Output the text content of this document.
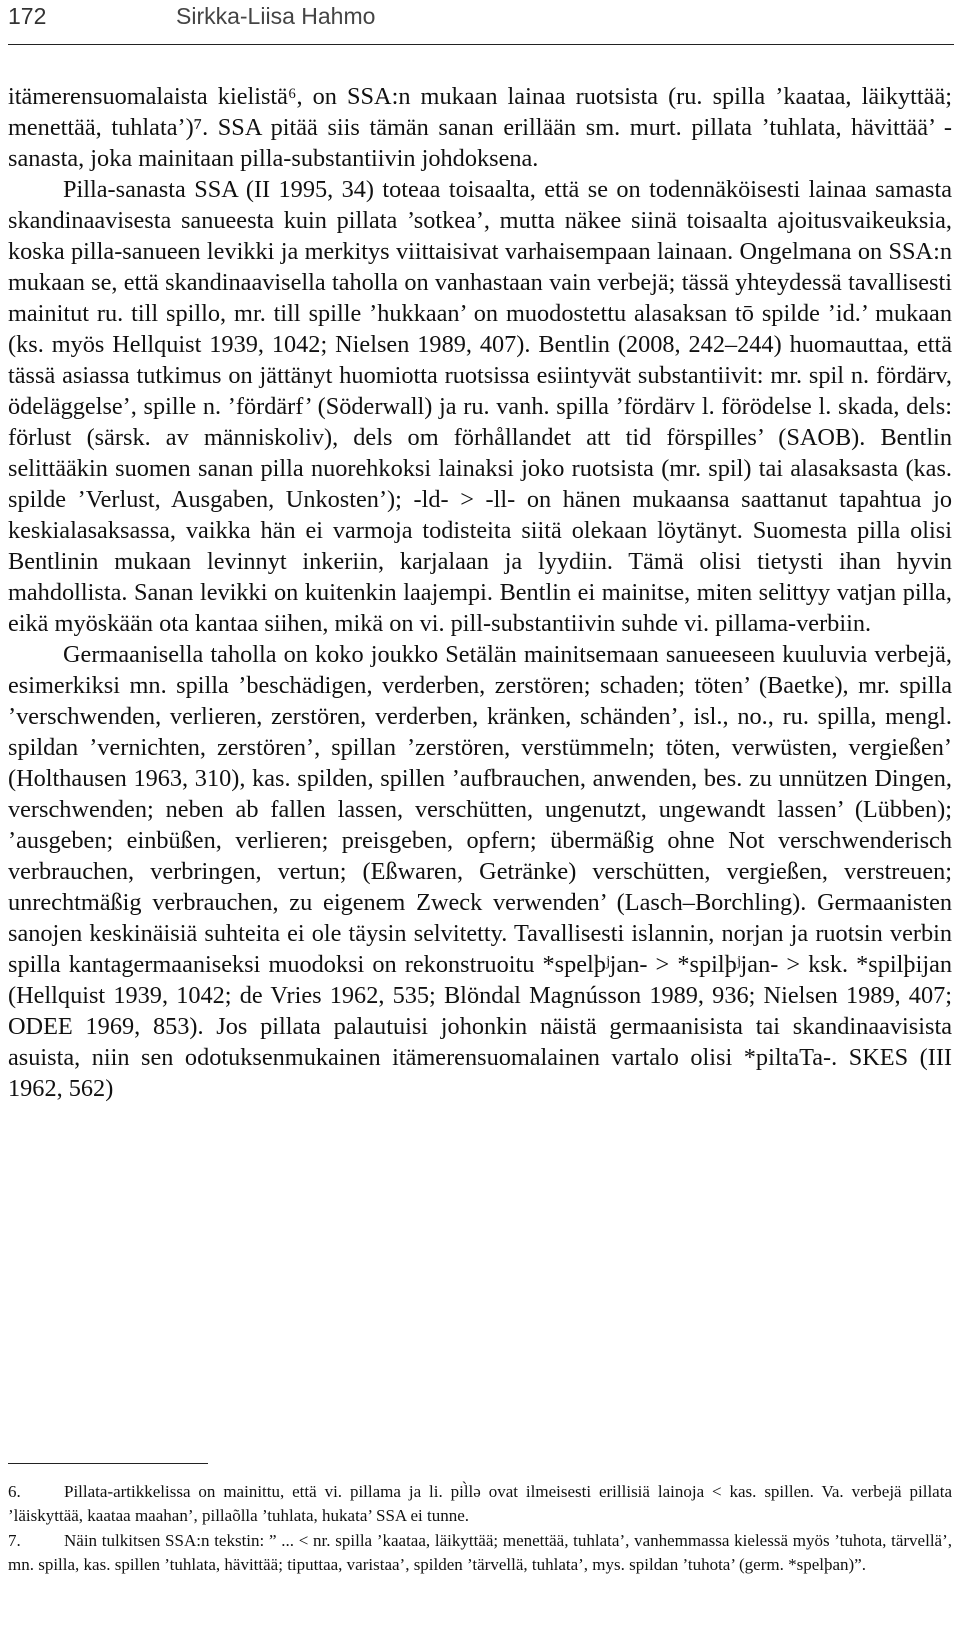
172	Sirkka-Liisa Hahmo

itämerensuomalaista kielistä⁶, on SSA:n mukaan lainaa ruotsista (ru. spilla ’kaataa, läikyttää; menettää, tuhlata’)⁷. SSA pitää siis tämän sanan erillään sm. murt. pillata ’tuhlata, hävittää’ -sanasta, joka mainitaan pilla-substantiivin johdoksena.

Pilla-sanasta SSA (II 1995, 34) toteaa toisaalta, että se on todennäköisesti lainaa samasta skandinaavisesta sanueesta kuin pillata ’sotkea’, mutta näkee siinä toisaalta ajoitusvaikeuksia, koska pilla-sanueen levikki ja merkitys viittaisivat varhaisempaan lainaan. Ongelmana on SSA:n mukaan se, että skandinaavisella taholla on vanhastaan vain verbejä; tässä yhteydessä tavallisesti mainitut ru. till spillo, mr. till spille ’hukkaan’ on muodostettu alasaksan tō spilde ’id.’ mukaan (ks. myös Hellquist 1939, 1042; Nielsen 1989, 407). Bentlin (2008, 242–244) huomauttaa, että tässä asiassa tutkimus on jättänyt huomiotta ruotsissa esiintyvät substantiivit: mr. spil n. fördärv, ödeläggelse’, spille n. ’fördärf’ (Söderwall) ja ru. vanh. spilla ’fördärv l. förödelse l. skada, dels: förlust (särsk. av människoliv), dels om förhållandet att tid förspilles’ (SAOB). Bentlin selittääkin suomen sanan pilla nuorehkoksi lainaksi joko ruotsista (mr. spil) tai alasaksasta (kas. spilde ’Verlust, Ausgaben, Unkosten’); -ld- > -ll- on hänen mukaansa saattanut tapahtua jo keskialasaksassa, vaikka hän ei varmoja todisteita siitä olekaan löytänyt. Suomesta pilla olisi Bentlinin mukaan levinnyt inkeriin, karjalaan ja lyydiin. Tämä olisi tietysti ihan hyvin mahdollista. Sanan levikki on kuitenkin laajempi. Bentlin ei mainitse, miten selittyy vatjan pilla, eikä myöskään ota kantaa siihen, mikä on vi. pill-substantiivin suhde vi. pillama-verbiin.

Germaanisella taholla on koko joukko Setälän mainitsemaan sanueeseen kuuluvia verbejä, esimerkiksi mn. spilla ’beschädigen, verderben, zerstören; schaden; töten’ (Baetke), mr. spilla ’verschwenden, verlieren, zerstören, verderben, kränken, schänden’, isl., no., ru. spilla, mengl. spildan ’vernichten, zerstören’, spillan ’zerstören, verstümmeln; töten, verwüsten, vergießen’ (Holthausen 1963, 310), kas. spilden, spillen ’aufbrauchen, anwenden, bes. zu unnützen Dingen, verschwenden; neben ab fallen lassen, verschütten, ungenutzt, ungewandt lassen’ (Lübben); ’ausgeben; einbüßen, verlieren; preisgeben, opfern; übermäßig ohne Not verschwenderisch verbrauchen, verbringen, vertun; (Eßwaren, Getränke) verschütten, vergießen, verstreuen; unrechtmäßig verbrauchen, zu eigenem Zweck verwenden’ (Lasch–Borchling). Germaanisten sanojen keskinäisiä suhteita ei ole täysin selvitetty. Tavallisesti islannin, norjan ja ruotsin verbin spilla kantagermaaniseksi muodoksi on rekonstruoitu *spelþʲjan- > *spilþʲjan- > ksk. *spilþijan (Hellquist 1939, 1042; de Vries 1962, 535; Blöndal Magnússon 1989, 936; Nielsen 1989, 407; ODEE 1969, 853). Jos pillata palautuisi johonkin näistä germaanisista tai skandinaavisista asuista, niin sen odotuksenmukainen itämerensuomalainen vartalo olisi *piltaTa-. SKES (III 1962, 562)

6.	Pillata-artikkelissa on mainittu, että vi. pillama ja li. pil̀lə ovat ilmeisesti erillisiä lainoja < kas. spillen. Va. verbejä pillata ’läiskyttää, kaataa maahan’, pillaõlla ’tuhlata, hukata’ SSA ei tunne.

7.	Näin tulkitsen SSA:n tekstin: ” ... < nr. spilla ’kaataa, läikyttää; menettää, tuhlata’, vanhemmassa kielessä myös ’tuhota, tärvellä’, mn. spilla, kas. spillen ’tuhlata, hävittää; tiputtaa, varistaa’, spilden ’tärvellä, tuhlata’, mys. spildan ’tuhota’ (germ. *spelþan)”.
